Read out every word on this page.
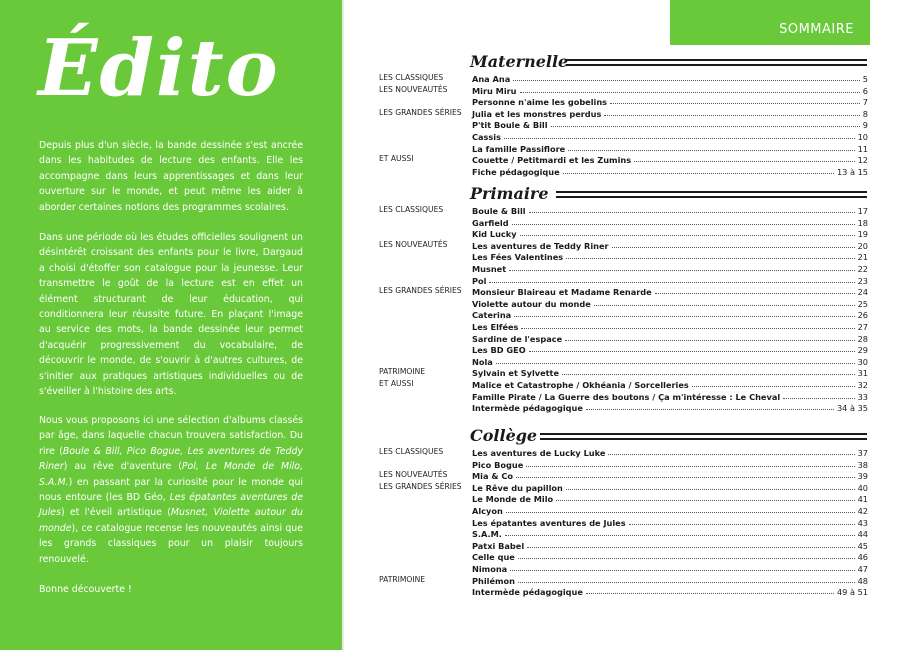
Édito
Depuis plus d'un siècle, la bande dessinée s'est ancrée dans les habitudes de lecture des enfants. Elle les accompagne dans leurs apprentissages et dans leur ouverture sur le monde, et peut même les aider à aborder certaines notions des programmes scolaires.
Dans une période où les études officielles soulignent un désintérêt croissant des enfants pour le livre, Dargaud a choisi d'étoffer son catalogue pour la jeunesse. Leur transmettre le goût de la lecture est en effet un élément structurant de leur éducation, qui conditionnera leur réussite future. En plaçant l'image au service des mots, la bande dessinée leur permet d'acquérir progressivement du vocabulaire, de découvrir le monde, de s'ouvrir à d'autres cultures, de s'initier aux pratiques artistiques individuelles ou de s'éveiller à l'histoire des arts.
Nous vous proposons ici une sélection d'albums classés par âge, dans laquelle chacun trouvera satisfaction. Du rire (Boule & Bill, Pico Bogue, Les aventures de Teddy Riner) au rêve d'aventure (Pol, Le Monde de Milo, S.A.M.) en passant par la curiosité pour le monde qui nous entoure (les BD Géo, Les épatantes aventures de Jules) et l'éveil artistique (Musnet, Violette autour du monde), ce catalogue recense les nouveautés ainsi que les grands classiques pour un plaisir toujours renouvelé.
Bonne découverte !
SOMMAIRE
Maternelle
LES CLASSIQUES
LES NOUVEAUTÉS
LES GRANDES SÉRIES
ET AUSSI
Ana Ana	5
Miru Miru	6
Personne n'aime les gobelins	7
Julia et les monstres perdus	8
P'tit Boule & Bill	9
Cassis	10
La famille Passiflore	11
Couette / Petitmardi et les Zumins	12
Fiche pédagogique	13 à 15
Primaire
LES CLASSIQUES
LES NOUVEAUTÉS
LES GRANDES SÉRIES
PATRIMOINE
ET AUSSI
Boule & Bill	17
Garfield	18
Kid Lucky	19
Les aventures de Teddy Riner	20
Les Fées Valentines	21
Musnet	22
Pol	23
Monsieur Blaireau et Madame Renarde	24
Violette autour du monde	25
Caterina	26
Les Elfées	27
Sardine de l'espace	28
Les BD GEO	29
Nola	30
Sylvain et Sylvette	31
Malice et Catastrophe / Okhéania / Sorcelleries	32
Famille Pirate / La Guerre des boutons / Ça m'intéresse : Le Cheval	33
Intermède pédagogique	34 à 35
Collège
LES CLASSIQUES
LES NOUVEAUTÉS
LES GRANDES SÉRIES
PATRIMOINE
Les aventures de Lucky Luke	37
Pico Bogue	38
Mia & Co	39
Le Rêve du papillon	40
Le Monde de Milo	41
Alcyon	42
Les épatantes aventures de Jules	43
S.A.M.	44
Patxi Babel	45
Celle que	46
Nimona	47
Philémon	48
Intermède pédagogique	49 à 51
